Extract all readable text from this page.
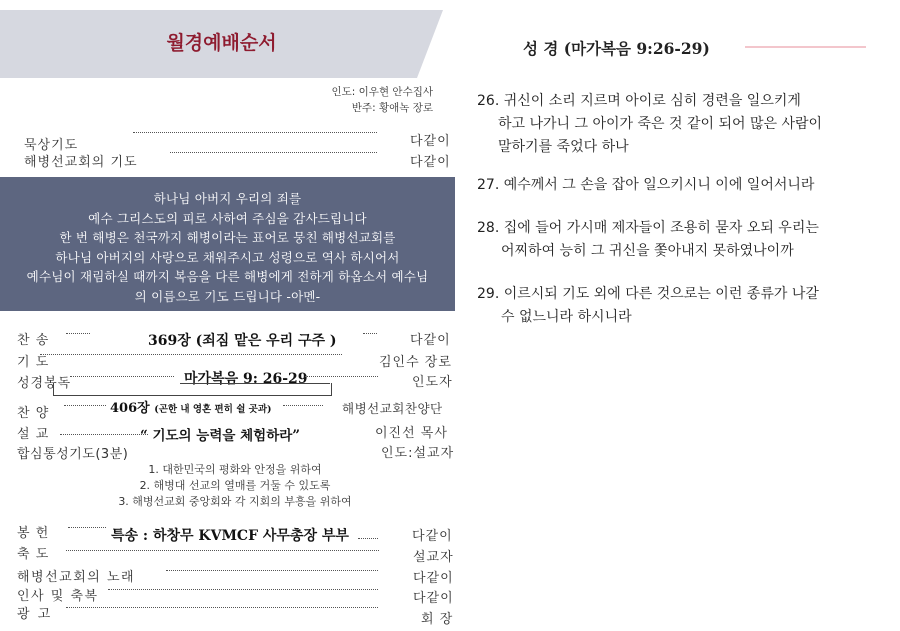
월경예배순서
인도: 이우현 안수집사
반주: 황애녹 장로
묵상기도	다같이
해병선교회의 기도	다같이
하나님 아버지 우리의 죄를
예수 그리스도의 피로 사하여 주심을 감사드립니다
한 번 해병은 천국까지 해병이라는 표어로 뭉친 해병선교회를
하나님 아버지의 사랑으로 채워주시고 성령으로 역사 하시어서
예수님이 재림하실 때까지 복음을 다른 해병에게 전하게 하옵소서 예수님
의 이름으로 기도 드립니다 -아멘-
찬 송	369장 (죄짐 맡은 우리 구주 )	다같이
기 도	김인수 장로
성경봉독	마가복음 9: 26-29	인도자
찬 양	406장 (곤한 내 영혼 편히 쉴 곳과)	해병선교회찬양단
설 교	“ 기도의 능력을 체험하라”	이진선 목사
합심통성기도(3분)	인도:설교자
1. 대한민국의 평화와 안정을 위하여
2. 해병대 선교의 열매를 거둘 수 있도록
3. 해병선교회 중앙회와 각 지회의 부흥을 위하여
봉 헌	특송 : 하창무 KVMCF 사무총장 부부	다같이
축 도	설교자
해병선교회의 노래	다같이
인사 및 축복	다같이
광 고	회 장
성 경 (마가복음 9:26-29)
26. 귀신이 소리 지르며 아이로 심히 경련을 일으키게
하고 나가니 그 아이가 죽은 것 같이 되어 많은 사람이
말하기를 죽었다 하나
27. 예수께서 그 손을 잡아 일으키시니 이에 일어서니라
28. 집에 들어 가시매 제자들이 조용히 묻자 오되 우리는
어찌하여 능히 그 귀신을 쫓아내지 못하였나이까
29. 이르시되 기도 외에 다른 것으로는 이런 종류가 나갈
수 없느니라 하시니라
